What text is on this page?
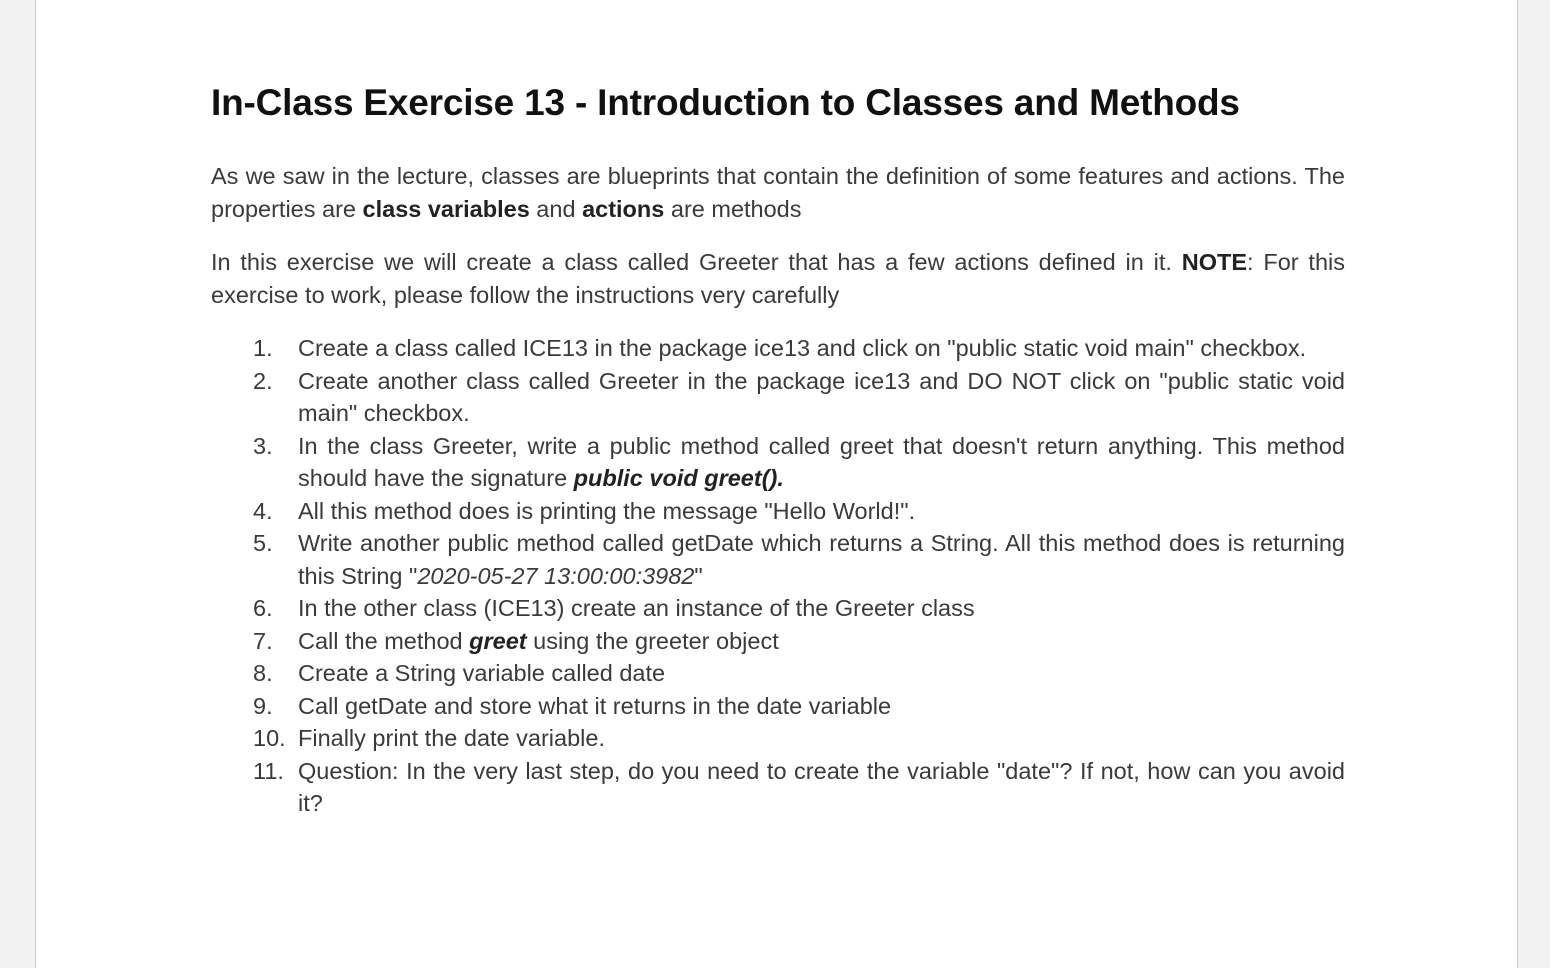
In-Class Exercise 13 - Introduction to Classes and Methods

As we saw in the lecture, classes are blueprints that contain the definition of some features and actions. The properties are class variables and actions are methods

In this exercise we will create a class called Greeter that has a few actions defined in it. NOTE: For this exercise to work, please follow the instructions very carefully

1.	Create a class called ICE13 in the package ice13 and click on "public static void main" checkbox.
2.	Create another class called Greeter in the package ice13 and DO NOT click on "public static void main" checkbox.
3.	In the class Greeter, write a public method called greet that doesn't return anything. This method should have the signature public void greet().
4.	All this method does is printing the message "Hello World!".
5.	Write another public method called getDate which returns a String. All this method does is returning this String "2020-05-27 13:00:00:3982"
6.	In the other class (ICE13) create an instance of the Greeter class
7.	Call the method greet using the greeter object
8.	Create a String variable called date
9.	Call getDate and store what it returns in the date variable
10. Finally print the date variable.
11. Question: In the very last step, do you need to create the variable "date"? If not, how can you avoid it?
